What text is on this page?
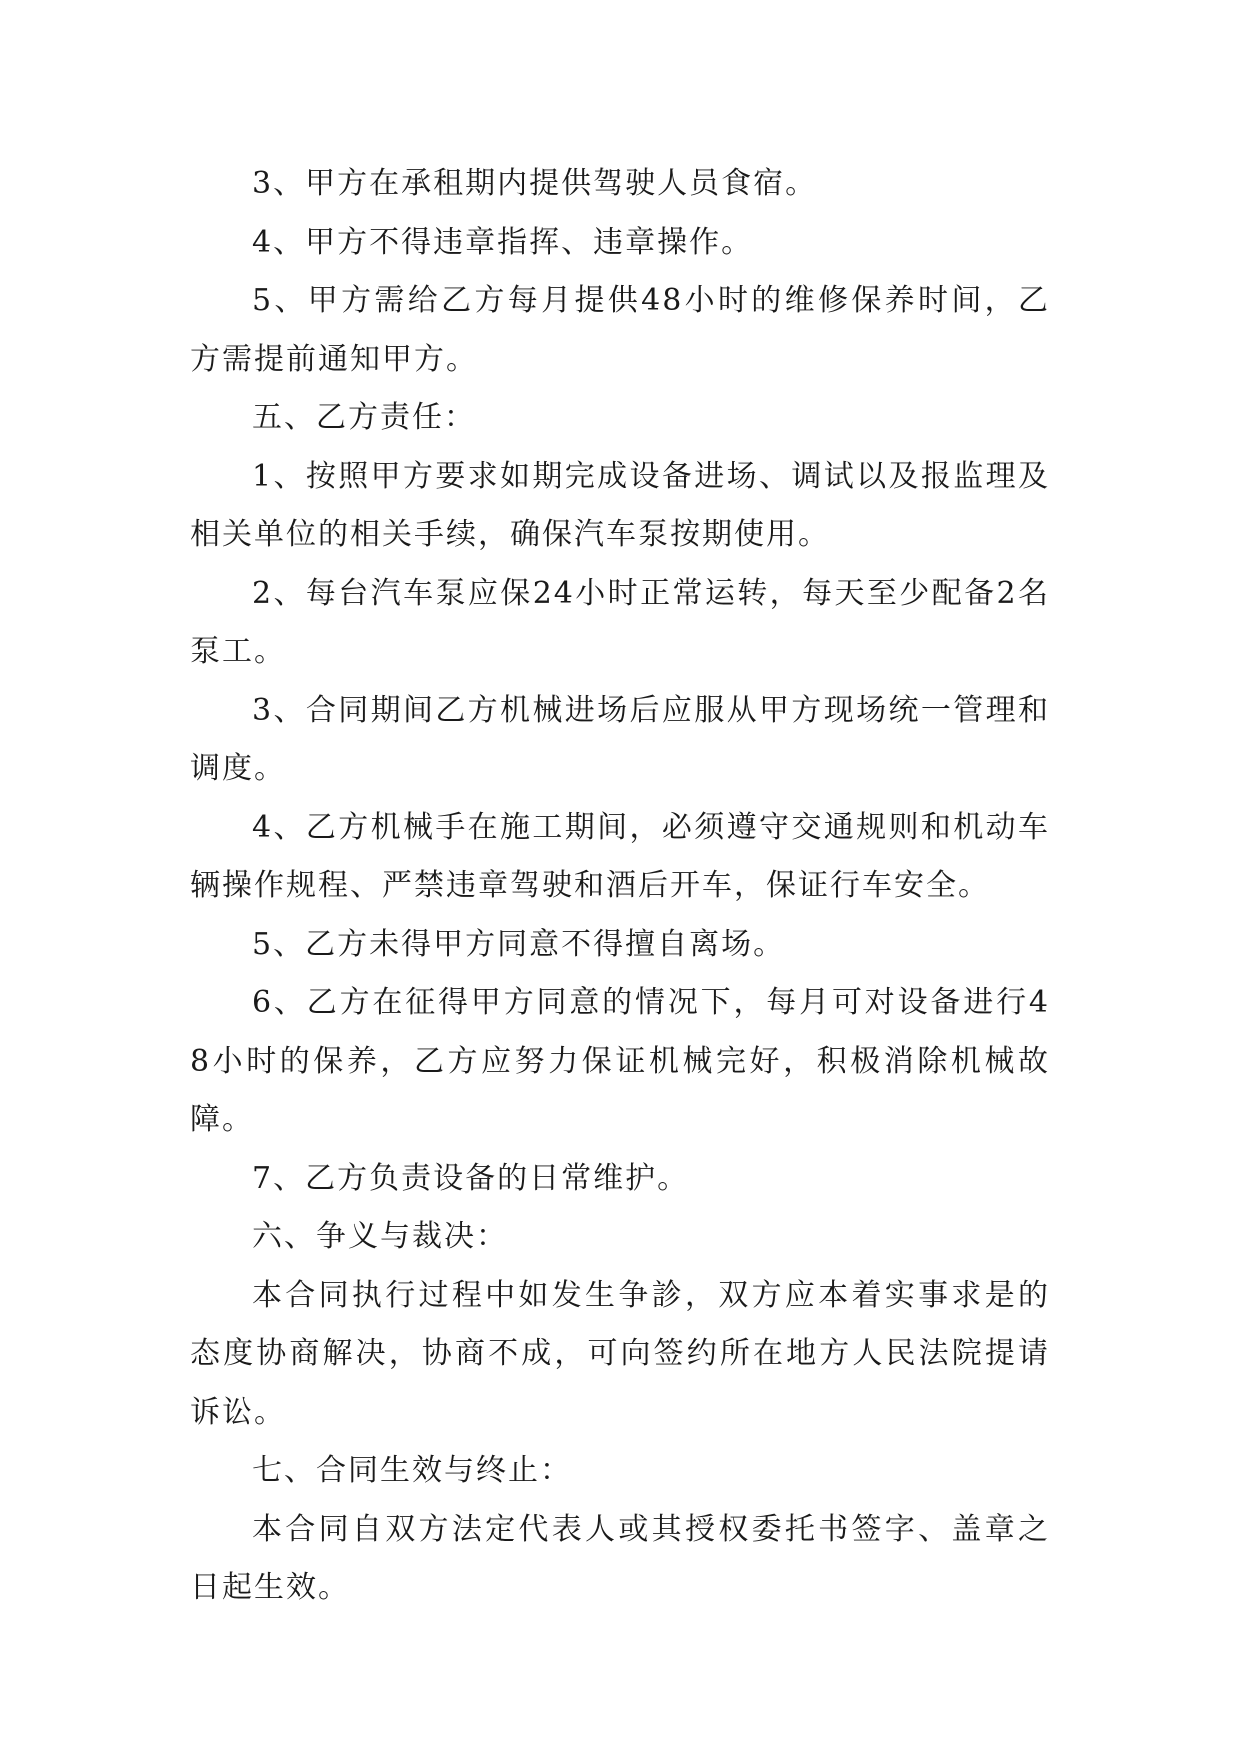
3、甲方在承租期内提供驾驶人员食宿。

4、甲方不得违章指挥、违章操作。

5、甲方需给乙方每月提供48小时的维修保养时间，乙方需提前通知甲方。

五、乙方责任：

1、按照甲方要求如期完成设备进场、调试以及报监理及相关单位的相关手续，确保汽车泵按期使用。

2、每台汽车泵应保24小时正常运转，每天至少配备2名泵工。

3、合同期间乙方机械进场后应服从甲方现场统一管理和调度。

4、乙方机械手在施工期间，必须遵守交通规则和机动车辆操作规程、严禁违章驾驶和酒后开车，保证行车安全。

5、乙方未得甲方同意不得擅自离场。

6、乙方在征得甲方同意的情况下，每月可对设备进行48小时的保养，乙方应努力保证机械完好，积极消除机械故障。

7、乙方负责设备的日常维护。

六、争义与裁决：

本合同执行过程中如发生争診，双方应本着实事求是的态度协商解决，协商不成，可向签约所在地方人民法院提请诉讼。

七、合同生效与终止：

本合同自双方法定代表人或其授权委托书签字、盖章之日起生效。
